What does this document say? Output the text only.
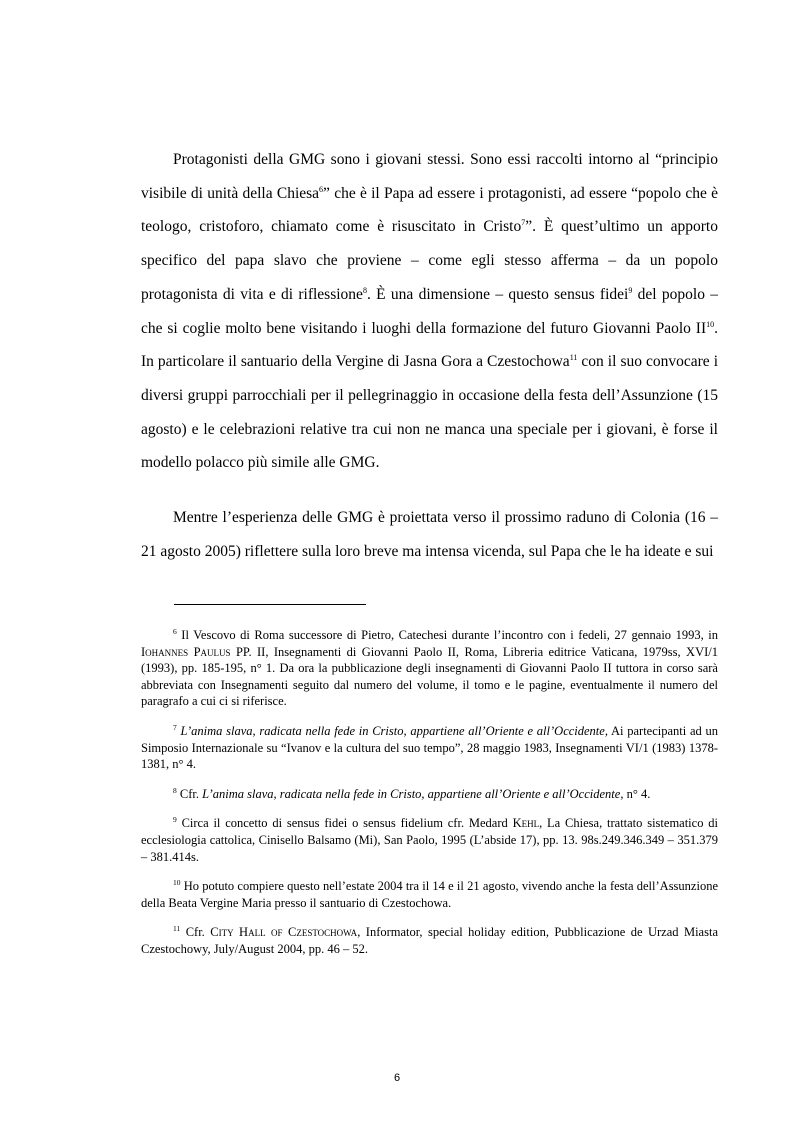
Protagonisti della GMG sono i giovani stessi. Sono essi raccolti intorno al “principio visibile di unità della Chiesa$^6$” che è il Papa ad essere i protagonisti, ad essere “popolo che è teologo, cristoforo, chiamato come è risuscitato in Cristo$^7$”. È quest’ultimo un apporto specifico del papa slavo che proviene – come egli stesso afferma – da un popolo protagonista di vita e di riflessione$^8$. È una dimensione – questo sensus fidei$^9$ del popolo – che si coglie molto bene visitando i luoghi della formazione del futuro Giovanni Paolo II$^{10}$. In particolare il santuario della Vergine di Jasna Gora a Czestochowa$^{11}$ con il suo convocare i diversi gruppi parrocchiali per il pellegrinaggio in occasione della festa dell’Assunzione (15 agosto) e le celebrazioni relative tra cui non ne manca una speciale per i giovani, è forse il modello polacco più simile alle GMG.

Mentre l’esperienza delle GMG è proiettata verso il prossimo raduno di Colonia (16 – 21 agosto 2005) riflettere sulla loro breve ma intensa vicenda, sul Papa che le ha ideate e sui

$^6$ Il Vescovo di Roma successore di Pietro, Catechesi durante l’incontro con i fedeli, 27 gennaio 1993, in Iohannes Paulus PP. II, Insegnamenti di Giovanni Paolo II, Roma, Libreria editrice Vaticana, 1979ss, XVI/1 (1993), pp. 185-195, n° 1. Da ora la pubblicazione degli insegnamenti di Giovanni Paolo II tuttora in corso sarà abbreviata con Insegnamenti seguito dal numero del volume, il tomo e le pagine, eventualmente il numero del paragrafo a cui ci si riferisce.

$^7$ L’anima slava, radicata nella fede in Cristo, appartiene all’Oriente e all’Occidente, Ai partecipanti ad un Simposio Internazionale su “Ivanov e la cultura del suo tempo”, 28 maggio 1983, Insegnamenti VI/1 (1983) 1378-1381, n° 4.

$^8$ Cfr. L’anima slava, radicata nella fede in Cristo, appartiene all’Oriente e all’Occidente, n° 4.

$^9$ Circa il concetto di sensus fidei o sensus fidelium cfr. Medard Kehl, La Chiesa, trattato sistematico di ecclesiologia cattolica, Cinisello Balsamo (Mi), San Paolo, 1995 (L’abside 17), pp. 13. 98s.249.346.349 – 351.379 – 381.414s.

$^{10}$ Ho potuto compiere questo nell’estate 2004 tra il 14 e il 21 agosto, vivendo anche la festa dell’Assunzione della Beata Vergine Maria presso il santuario di Czestochowa.

$^{11}$ Cfr. City Hall of Czestochowa, Informator, special holiday edition, Pubblicazione de Urzad Miasta Czestochowy, July/August 2004, pp. 46 – 52.

6
